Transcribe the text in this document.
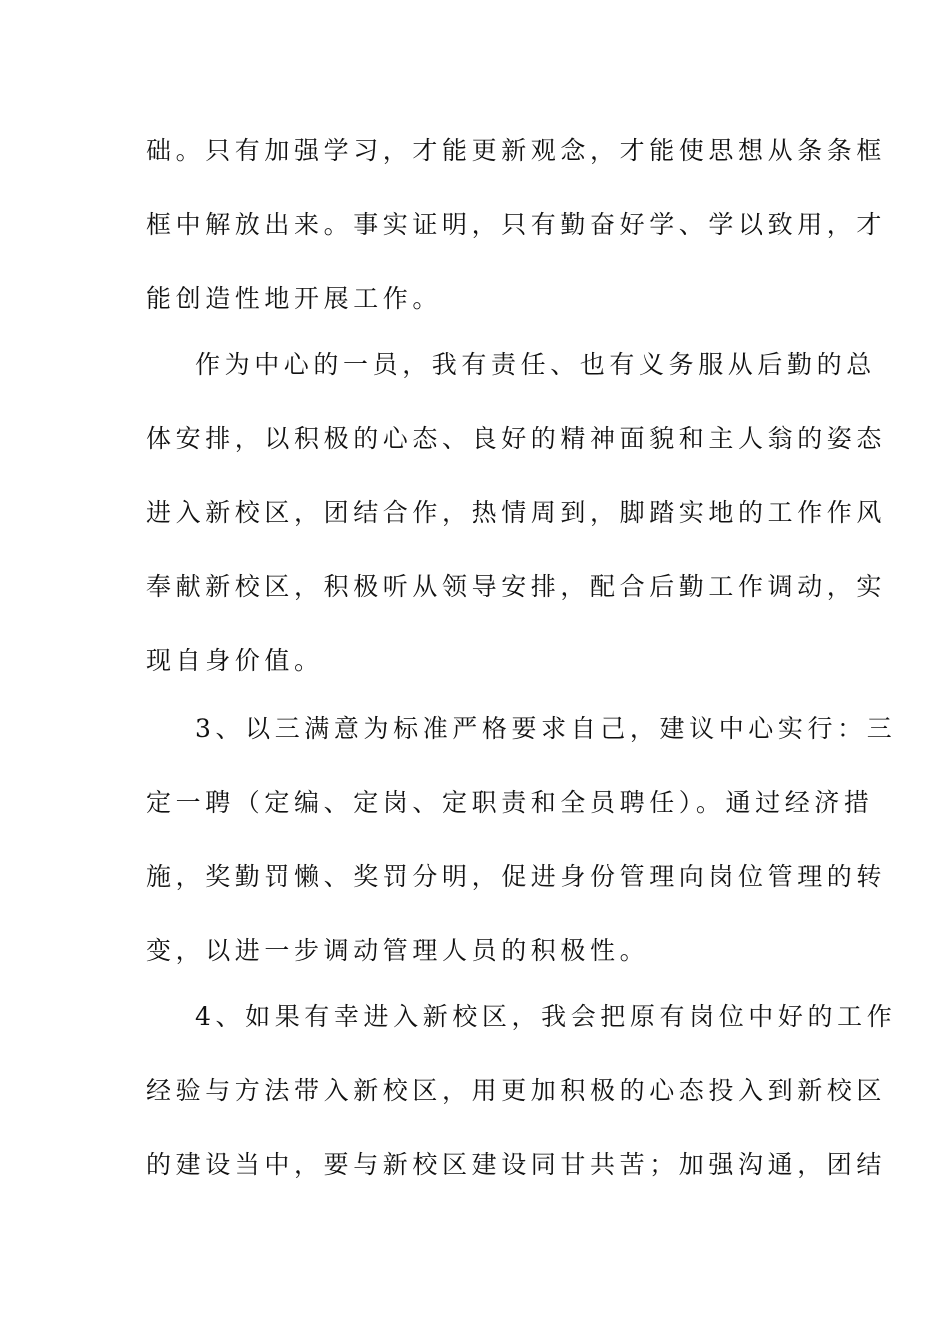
础。只有加强学习，才能更新观念，才能使思想从条条框
框中解放出来。事实证明，只有勤奋好学、学以致用，才
能创造性地开展工作。
作为中心的一员，我有责任、也有义务服从后勤的总
体安排，以积极的心态、良好的精神面貌和主人翁的姿态
进入新校区，团结合作，热情周到，脚踏实地的工作作风
奉献新校区，积极听从领导安排，配合后勤工作调动，实
现自身价值。
3、以三满意为标准严格要求自己，建议中心实行：三
定一聘（定编、定岗、定职责和全员聘任）。通过经济措
施，奖勤罚懒、奖罚分明，促进身份管理向岗位管理的转
变，以进一步调动管理人员的积极性。
4、如果有幸进入新校区，我会把原有岗位中好的工作
经验与方法带入新校区，用更加积极的心态投入到新校区
的建设当中，要与新校区建设同甘共苦；加强沟通，团结
